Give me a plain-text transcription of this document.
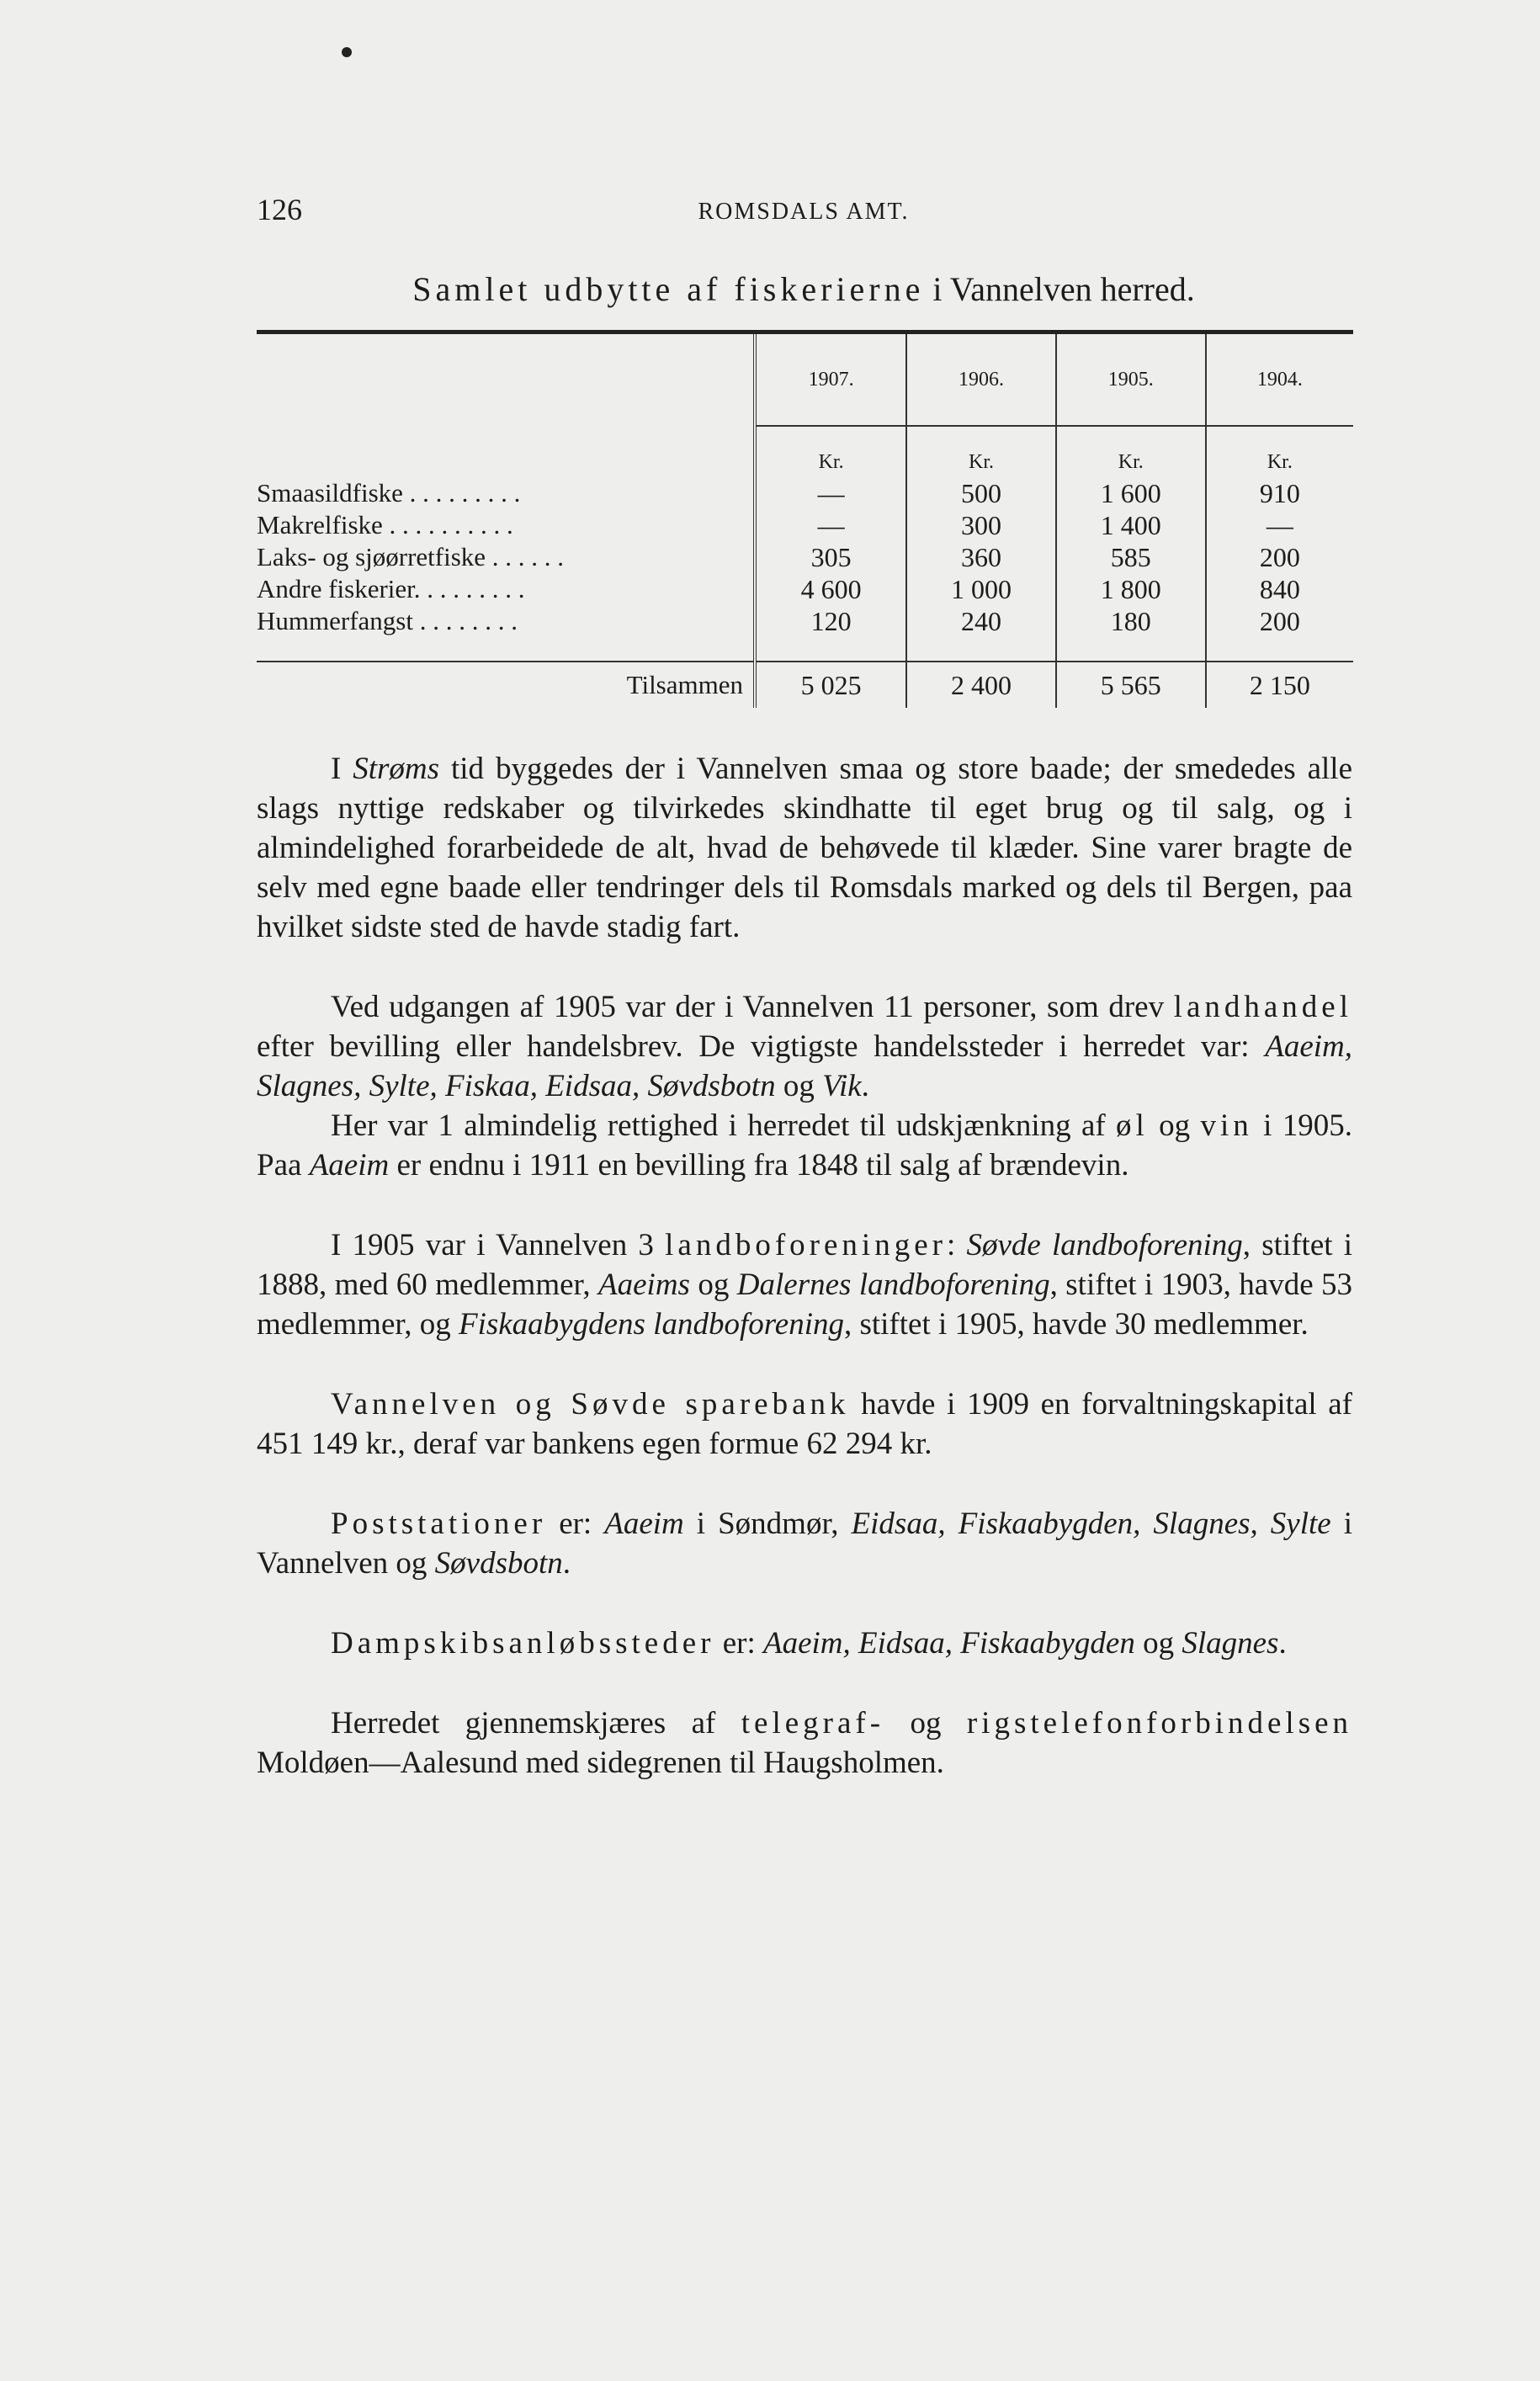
126	ROMSDALS AMT.
Samlet udbytte af fiskerierne i Vannelven herred.
	1907.	1906.	1905.	1904.
	Kr.	Kr.	Kr.	Kr.
Smaasildfiske . . . . . . . . .	—	500	1 600	910
Makrelfiske . . . . . . . . . .	—	300	1 400	—
Laks- og sjøørretfiske . . . . . .	305	360	585	200
Andre fiskerier. . . . . . . . .	4 600	1 000	1 800	840
Hummerfangst . . . . . . . .	120	240	180	200

Tilsammen	5 025	2 400	5 565	2 150

I Strøms tid byggedes der i Vannelven smaa og store baade; der smededes alle slags nyttige redskaber og tilvirkedes skindhatte til eget brug og til salg, og i almindelighed forarbeidede de alt, hvad de behøvede til klæder. Sine varer bragte de selv med egne baade eller tendringer dels til Romsdals marked og dels til Bergen, paa hvilket sidste sted de havde stadig fart.

Ved udgangen af 1905 var der i Vannelven 11 personer, som drev landhandel efter bevilling eller handelsbrev. De vigtigste handelssteder i herredet var: Aaeim, Slagnes, Sylte, Fiskaa, Eidsaa, Søvdsbotn og Vik.

Her var 1 almindelig rettighed i herredet til udskjænkning af øl og vin i 1905. Paa Aaeim er endnu i 1911 en bevilling fra 1848 til salg af brændevin.

I 1905 var i Vannelven 3 landboforeninger: Søvde landboforening, stiftet i 1888, med 60 medlemmer, Aaeims og Dalernes landboforening, stiftet i 1903, havde 53 medlemmer, og Fiskaabygdens landboforening, stiftet i 1905, havde 30 medlemmer.

Vannelven og Søvde sparebank havde i 1909 en forvaltningskapital af 451 149 kr., deraf var bankens egen formue 62 294 kr.

Poststationer er: Aaeim i Søndmør, Eidsaa, Fiskaabygden, Slagnes, Sylte i Vannelven og Søvdsbotn.

Dampskibsanløbssteder er: Aaeim, Eidsaa, Fiskaabygden og Slagnes.

Herredet gjennemskjæres af telegraf- og rigstelefonforbindelsen Moldøen—Aalesund med sidegrenen til Haugsholmen.
